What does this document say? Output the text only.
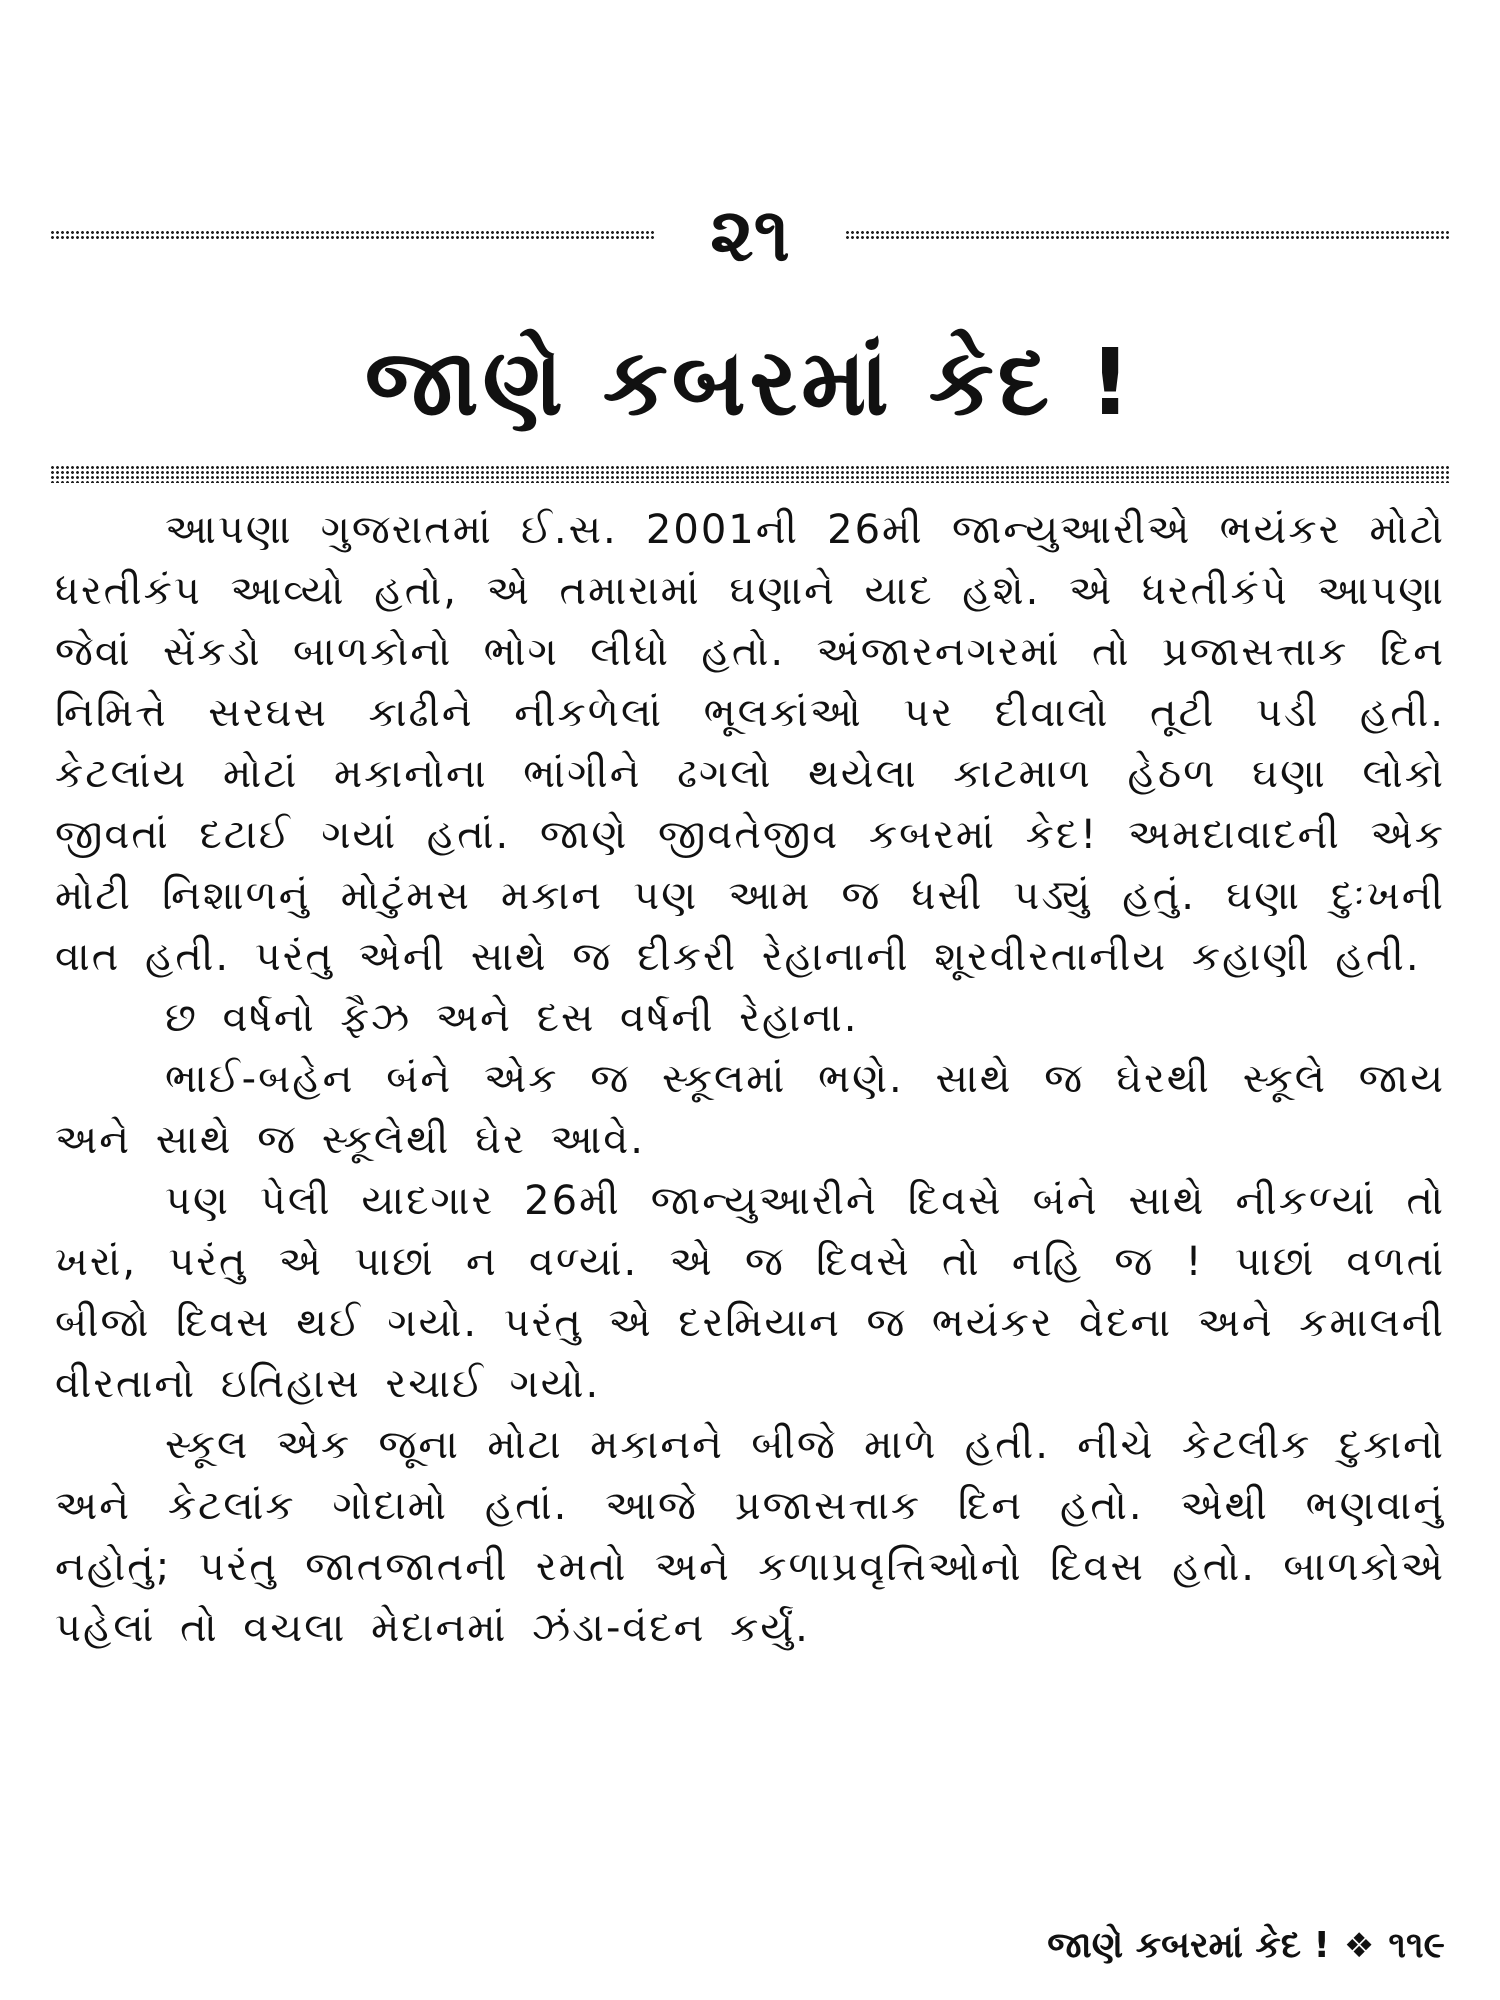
૨૧
જાણે કબરમાં કેદ !

આપણા ગુજરાતમાં ઈ.સ. 2001ની 26મી જાન્યુઆરીએ ભયંકર મોટો ધરતીકંપ આવ્યો હતો, એ તમારામાં ઘણાને યાદ હશે. એ ધરતીકંપે આપણા જેવાં સેંકડો બાળકોનો ભોગ લીધો હતો. અંજારનગરમાં તો પ્રજાસત્તાક દિન નિમિત્તે સરઘસ કાઢીને નીકળેલાં ભૂલકાંઓ પર દીવાલો તૂટી પડી હતી. કેટલાંય મોટાં મકાનોના ભાંગીને ઢગલો થયેલા કાટમાળ હેઠળ ઘણા લોકો જીવતાં દટાઈ ગયાં હતાં. જાણે જીવતેજીવ કબરમાં કેદ! અમદાવાદની એક મોટી નિશાળનું મોટુંમસ મકાન પણ આમ જ ધસી પડ્યું હતું. ઘણા દુઃખની વાત હતી. પરંતુ એની સાથે જ દીકરી રેહાનાની શૂરવીરતાનીય કહાણી હતી.

છ વર્ષનો ફૈઝ અને દસ વર્ષની રેહાના.

ભાઈ-બહેન બંને એક જ સ્કૂલમાં ભણે. સાથે જ ઘેરથી સ્કૂલે જાય અને સાથે જ સ્કૂલેથી ઘેર આવે.

પણ પેલી યાદગાર 26મી જાન્યુઆરીને દિવસે બંને સાથે નીકળ્યાં તો ખરાં, પરંતુ એ પાછાં ન વળ્યાં. એ જ દિવસે તો નહિ જ ! પાછાં વળતાં બીજો દિવસ થઈ ગયો. પરંતુ એ દરમિયાન જ ભયંકર વેદના અને કમાલની વીરતાનો ઇતિહાસ રચાઈ ગયો.

સ્કૂલ એક જૂના મોટા મકાનને બીજે માળે હતી. નીચે કેટલીક દુકાનો અને કેટલાંક ગોદામો હતાં. આજે પ્રજાસત્તાક દિન હતો. એથી ભણવાનું નહોતું; પરંતુ જાતજાતની રમતો અને કળાપ્રવૃત્તિઓનો દિવસ હતો. બાળકોએ પહેલાં તો વચલા મેદાનમાં ઝંડા-વંદન કર્યું.

જાણે કબરમાં કેદ ! ❖ ૧૧૯
